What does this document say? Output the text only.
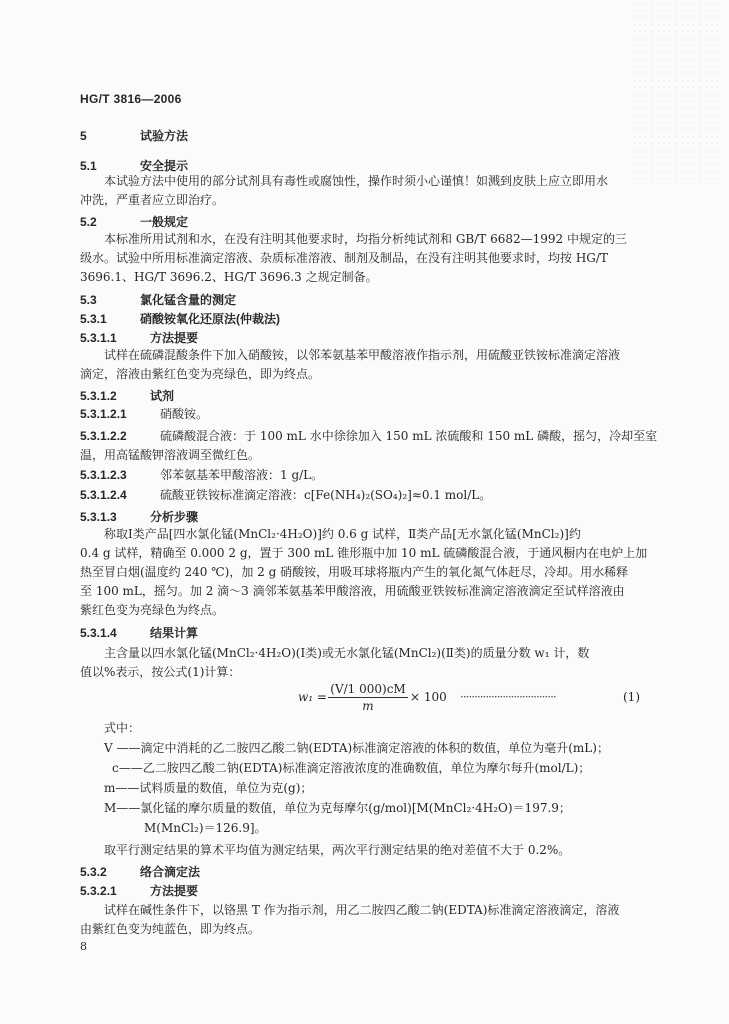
HG/T 3816—2006
5	试验方法
5.1	安全提示
本试验方法中使用的部分试剂具有毒性或腐蚀性，操作时须小心谨慎！如溅到皮肤上应立即用水
冲洗，严重者应立即治疗。
5.2	一般规定
本标准所用试剂和水，在没有注明其他要求时，均指分析纯试剂和 GB/T 6682—1992 中规定的三
级水。试验中所用标准滴定溶液、杂质标准溶液、制剂及制品，在没有注明其他要求时，均按 HG/T
3696.1、HG/T 3696.2、HG/T 3696.3 之规定制备。
5.3	氯化锰含量的测定
5.3.1	硝酸铵氧化还原法(仲裁法)
5.3.1.1	方法提要
试样在硫磷混酸条件下加入硝酸铵，以邻苯氨基苯甲酸溶液作指示剂，用硫酸亚铁铵标准滴定溶液
滴定，溶液由紫红色变为亮绿色，即为终点。
5.3.1.2	试剂
5.3.1.2.1	硝酸铵。
5.3.1.2.2	硫磷酸混合液：于 100 mL 水中徐徐加入 150 mL 浓硫酸和 150 mL 磷酸，摇匀，冷却至室
温，用高锰酸钾溶液调至微红色。
5.3.1.2.3	邻苯氨基苯甲酸溶液：1 g/L。
5.3.1.2.4	硫酸亚铁铵标准滴定溶液：c[Fe(NH₄)₂(SO₄)₂]≈0.1 mol/L。
5.3.1.3	分析步骤
称取Ⅰ类产品[四水氯化锰(MnCl₂·4H₂O)]约 0.6 g 试样，Ⅱ类产品[无水氯化锰(MnCl₂)]约
0.4 g 试样，精确至 0.000 2 g，置于 300 mL 锥形瓶中加 10 mL 硫磷酸混合液，于通风橱内在电炉上加
热至冒白烟(温度约 240 ℃)，加 2 g 硝酸铵，用吸耳球将瓶内产生的氧化氮气体赶尽，冷却。用水稀释
至 100 mL，摇匀。加 2 滴～3 滴邻苯氨基苯甲酸溶液，用硫酸亚铁铵标准滴定溶液滴定至试样溶液由
紫红色变为亮绿色为终点。
5.3.1.4	结果计算
主含量以四水氯化锰(MnCl₂·4H₂O)(Ⅰ类)或无水氯化锰(MnCl₂)(Ⅱ类)的质量分数 w₁ 计，数
值以%表示，按公式(1)计算：
$w_1 = \frac{(V/1 000)cM}{m} \times 100$ ··································	(1)
式中：
V ——滴定中消耗的乙二胺四乙酸二钠(EDTA)标准滴定溶液的体积的数值，单位为毫升(mL)；
c——乙二胺四乙酸二钠(EDTA)标准滴定溶液浓度的准确数值，单位为摩尔每升(mol/L)；
m——试料质量的数值，单位为克(g)；
M——氯化锰的摩尔质量的数值，单位为克每摩尔(g/mol)[M(MnCl₂·4H₂O)＝197.9；
M(MnCl₂)＝126.9]。
取平行测定结果的算术平均值为测定结果，两次平行测定结果的绝对差值不大于 0.2%。
5.3.2	络合滴定法
5.3.2.1	方法提要
试样在碱性条件下，以铬黑 T 作为指示剂，用乙二胺四乙酸二钠(EDTA)标准滴定溶液滴定，溶液
由紫红色变为纯蓝色，即为终点。
8
